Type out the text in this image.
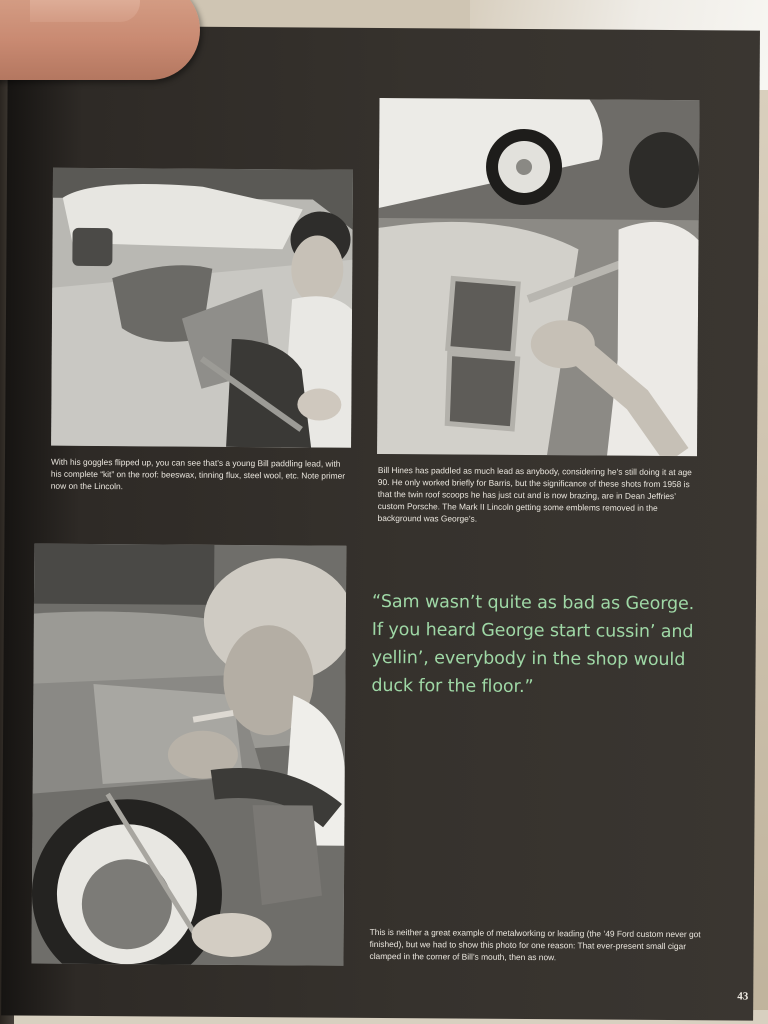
With his goggles flipped up, you can see that’s a young Bill paddling lead, with his complete “kit” on the roof: beeswax, tinning flux, steel wool, etc. Note primer now on the Lincoln.
Bill Hines has paddled as much lead as anybody, considering he’s still doing it at age 90. He only worked briefly for Barris, but the significance of these shots from 1958 is that the twin roof scoops he has just cut and is now brazing, are in Dean Jeffries’ custom Porsche. The Mark II Lincoln getting some emblems removed in the background was George’s.
“Sam wasn’t quite as bad as George. If you heard George start cussin’ and yellin’, everybody in the shop would duck for the floor.”
This is neither a great example of metalworking or leading (the ’49 Ford custom never got finished), but we had to show this photo for one reason: That ever-present small cigar clamped in the corner of Bill’s mouth, then as now.
43
